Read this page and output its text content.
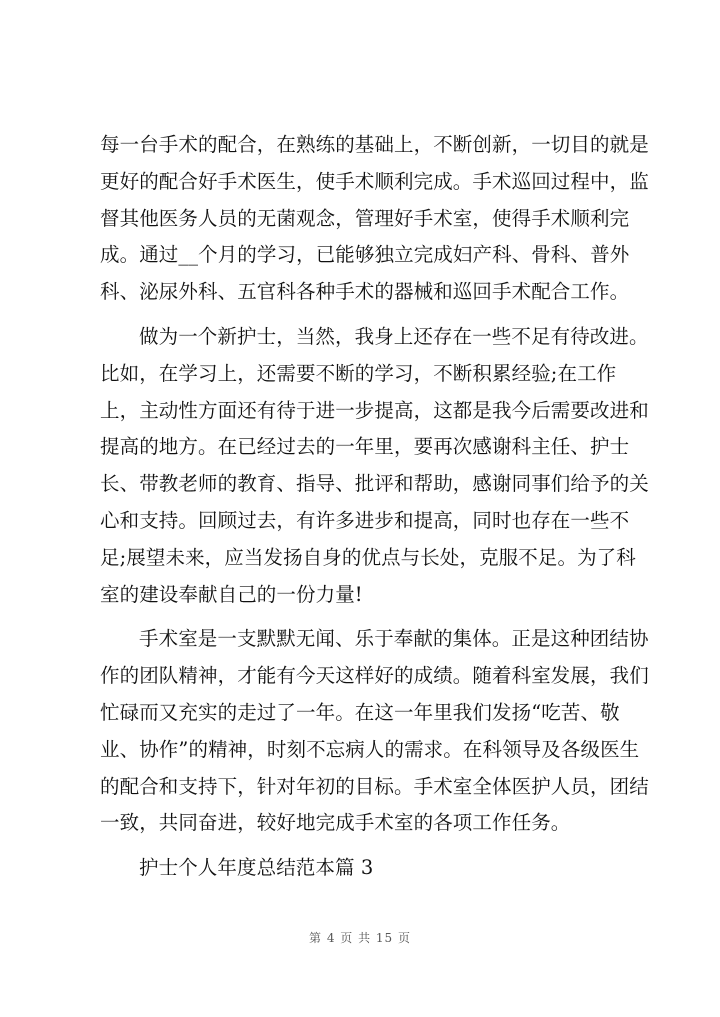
每一台手术的配合，在熟练的基础上，不断创新，一切目的就是
更好的配合好手术医生，使手术顺利完成。手术巡回过程中，监
督其他医务人员的无菌观念，管理好手术室，使得手术顺利完
成。通过__个月的学习，已能够独立完成妇产科、骨科、普外
科、泌尿外科、五官科各种手术的器械和巡回手术配合工作。
做为一个新护士，当然，我身上还存在一些不足有待改进。
比如，在学习上，还需要不断的学习，不断积累经验;在工作
上，主动性方面还有待于进一步提高，这都是我今后需要改进和
提高的地方。在已经过去的一年里，要再次感谢科主任、护士
长、带教老师的教育、指导、批评和帮助，感谢同事们给予的关
心和支持。回顾过去，有许多进步和提高，同时也存在一些不
足;展望未来，应当发扬自身的优点与长处，克服不足。为了科
室的建设奉献自己的一份力量!
手术室是一支默默无闻、乐于奉献的集体。正是这种团结协
作的团队精神，才能有今天这样好的成绩。随着科室发展，我们
忙碌而又充实的走过了一年。在这一年里我们发扬“吃苦、敬
业、协作”的精神，时刻不忘病人的需求。在科领导及各级医生
的配合和支持下，针对年初的目标。手术室全体医护人员，团结
一致，共同奋进，较好地完成手术室的各项工作任务。
护士个人年度总结范本篇 3
第 4 页 共 15 页
